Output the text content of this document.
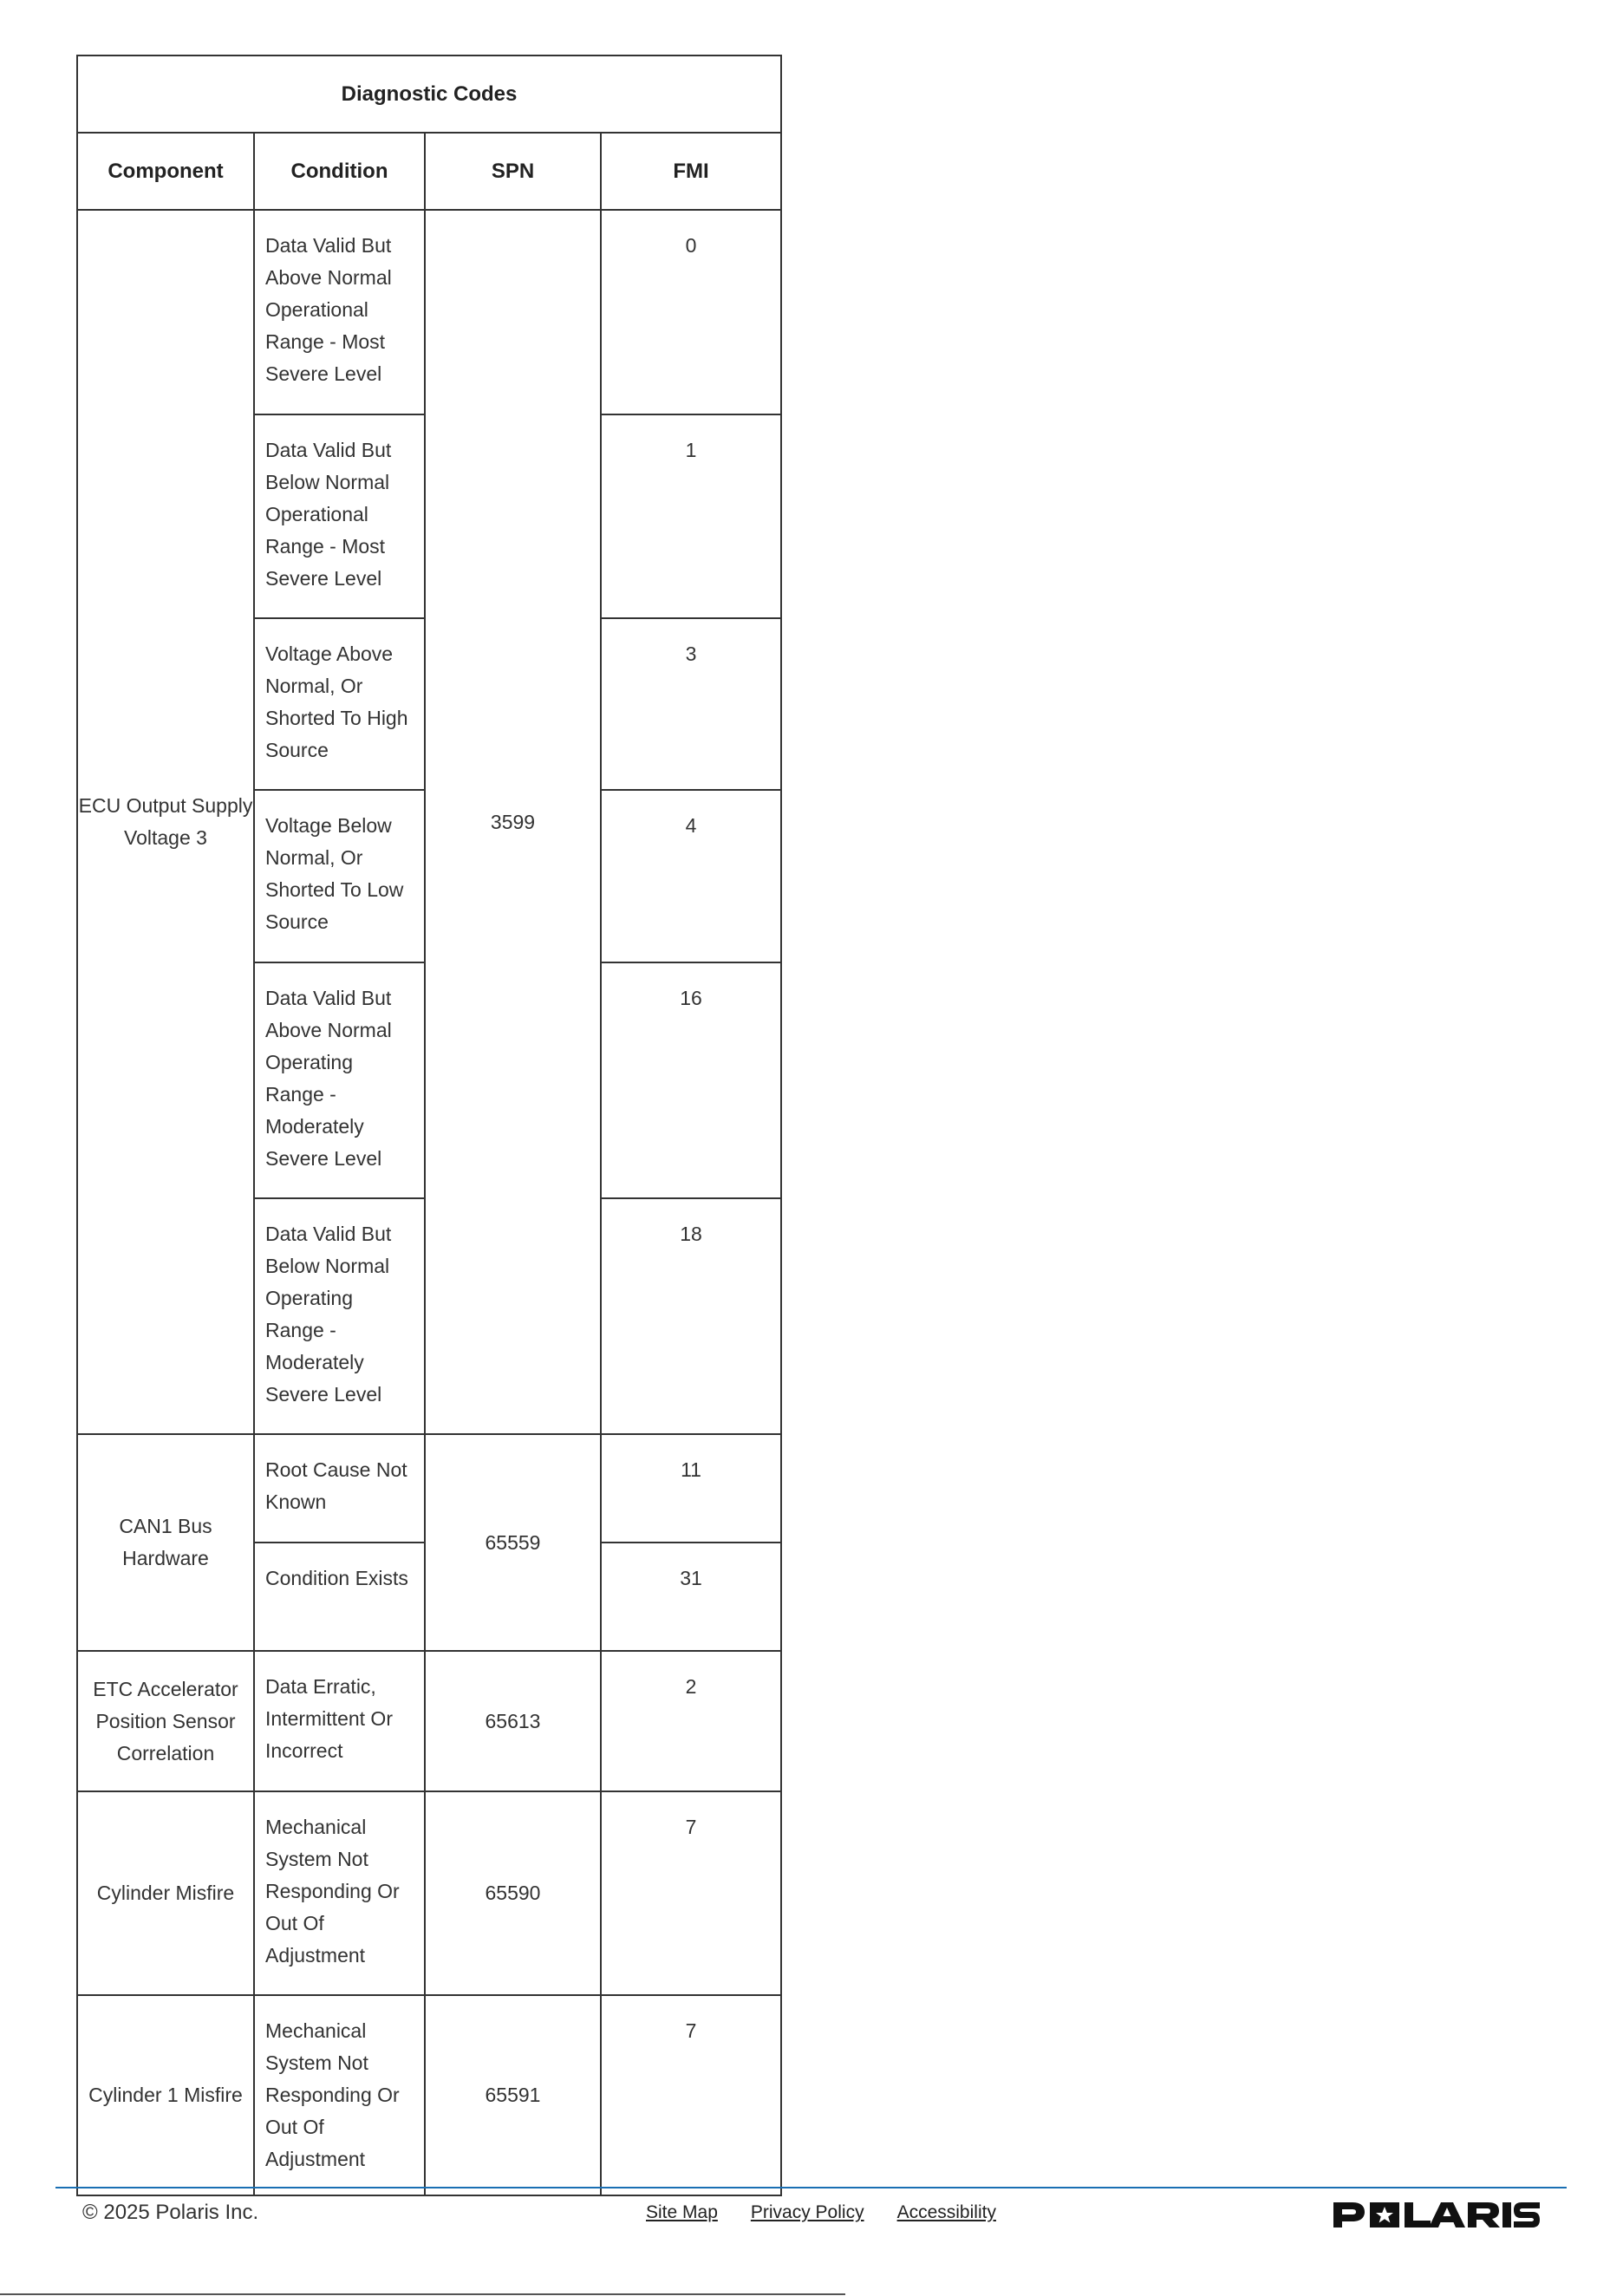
Diagnostic Codes			
Component	Condition	SPN	FMI
ECU Output Supply Voltage 3	Data Valid But Above Normal Operational Range - Most Severe Level	3599	0
	Data Valid But Below Normal Operational Range - Most Severe Level		1
	Voltage Above Normal, Or Shorted To High Source		3
	Voltage Below Normal, Or Shorted To Low Source		4
	Data Valid But Above Normal Operating Range - Moderately Severe Level		16
	Data Valid But Below Normal Operating Range - Moderately Severe Level		18
CAN1 Bus Hardware	Root Cause Not Known	65559	11
	Condition Exists		31
ETC Accelerator Position Sensor Correlation	Data Erratic, Intermittent Or Incorrect	65613	2
Cylinder Misfire	Mechanical System Not Responding Or Out Of Adjustment	65590	7
Cylinder 1 Misfire	Mechanical System Not Responding Or Out Of Adjustment	65591	7
© 2025 Polaris Inc.	Site Map Privacy Policy Accessibility
POLARIS
